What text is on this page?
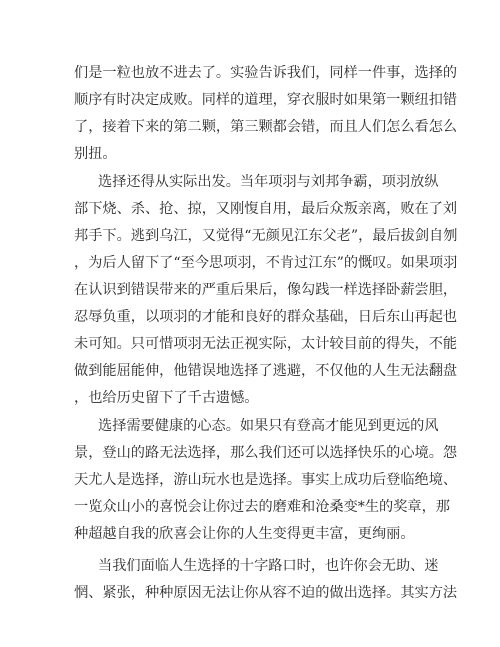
们是一粒也放不进去了。实验告诉我们，同样一件事，选择的
顺序有时决定成败。同样的道理，穿衣服时如果第一颗纽扣错
了，接着下来的第二颗，第三颗都会错，而且人们怎么看怎么
别扭。
选择还得从实际出发。当年项羽与刘邦争霸，项羽放纵
部下烧、杀、抢、掠，又刚愎自用，最后众叛亲离，败在了刘
邦手下。逃到乌江，又觉得“无颜见江东父老”，最后拔剑自刎
，为后人留下了“至今思项羽，不肯过江东”的慨叹。如果项羽
在认识到错误带来的严重后果后，像勾践一样选择卧薪尝胆，
忍辱负重，以项羽的才能和良好的群众基础，日后东山再起也
未可知。只可惜项羽无法正视实际，太计较目前的得失，不能
做到能屈能伸，他错误地选择了逃避，不仅他的人生无法翻盘
，也给历史留下了千古遗憾。
选择需要健康的心态。如果只有登高才能见到更远的风
景，登山的路无法选择，那么我们还可以选择快乐的心境。怨
天尤人是选择，游山玩水也是选择。事实上成功后登临绝境、
一览众山小的喜悦会让你过去的磨难和沧桑变*生的奖章，那
种超越自我的欣喜会让你的人生变得更丰富，更绚丽。
当我们面临人生选择的十字路口时，也许你会无助、迷
惘、紧张，种种原因无法让你从容不迫的做出选择。其实方法
